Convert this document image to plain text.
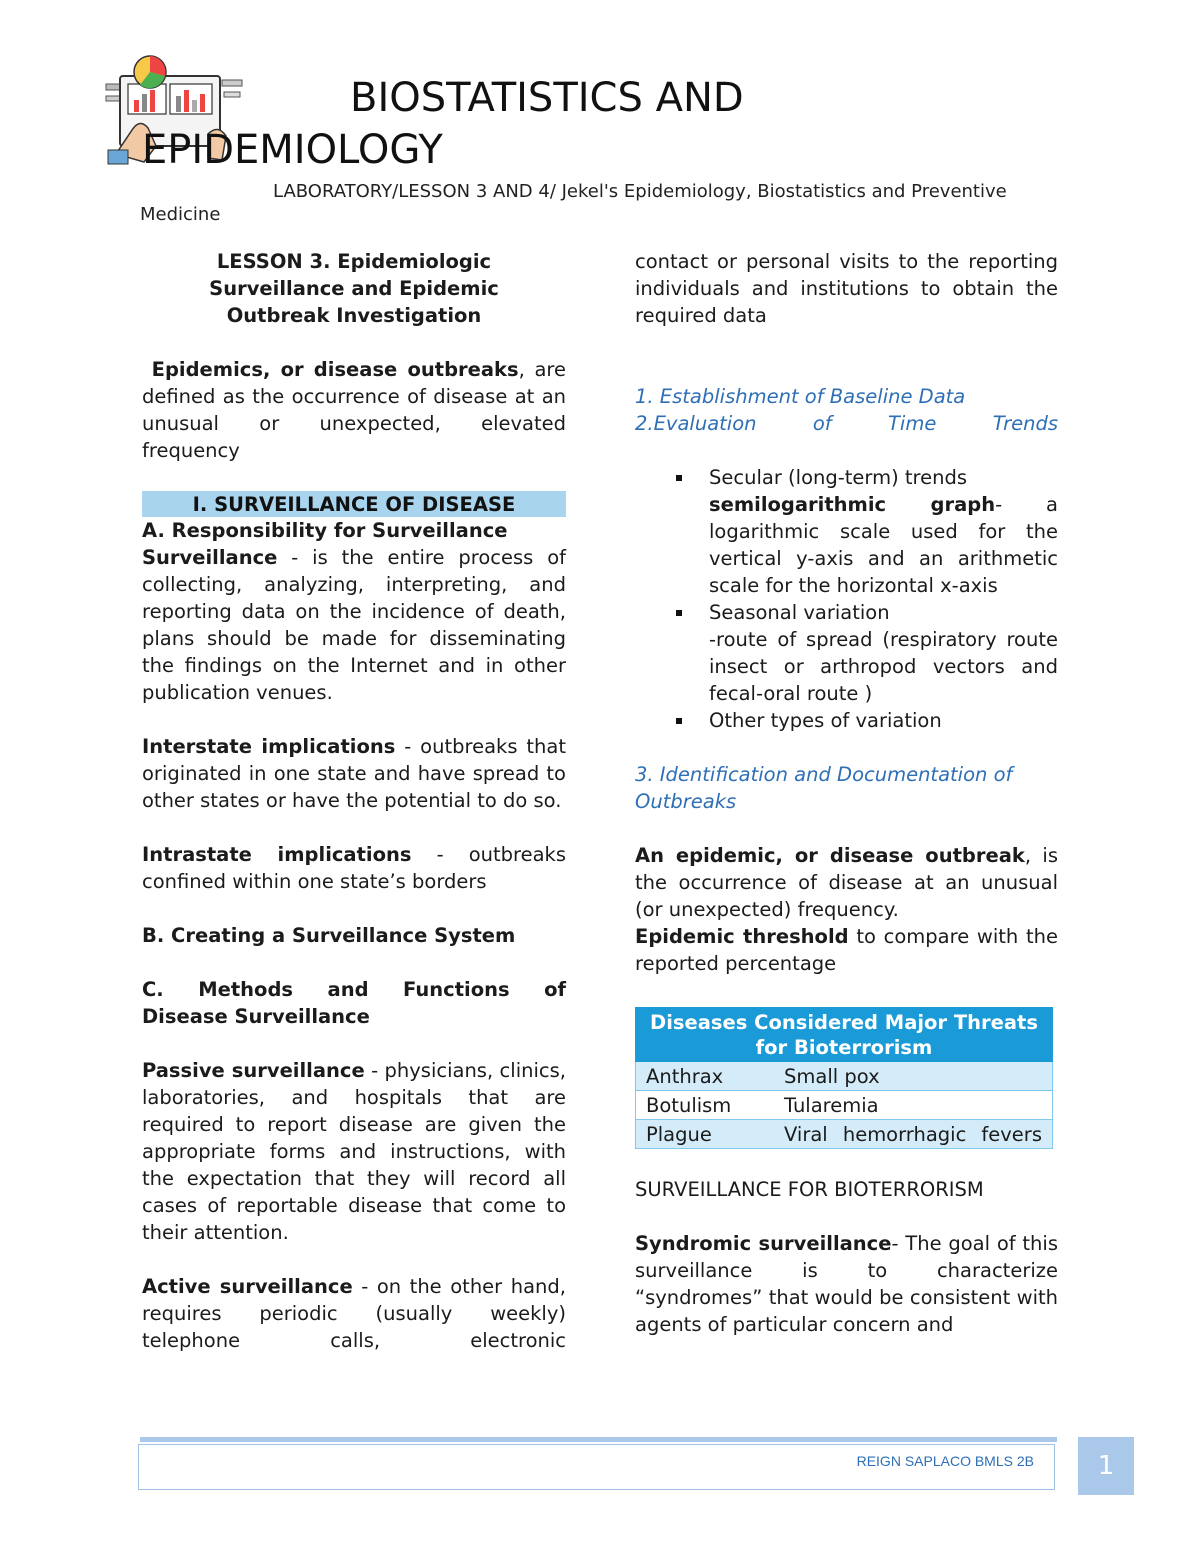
BIOSTATISTICS AND EPIDEMIOLOGY

LABORATORY/LESSON 3 AND 4/ Jekel's Epidemiology, Biostatistics and Preventive Medicine

LESSON 3. Epidemiologic

Surveillance and Epidemic

Outbreak Investigation

Epidemics, or disease outbreaks, are defined as the occurrence of disease at an unusual or unexpected, elevated frequency

I. SURVEILLANCE OF DISEASE

A. Responsibility for Surveillance

Surveillance - is the entire process of collecting, analyzing, interpreting, and reporting data on the incidence of death, plans should be made for disseminating the findings on the Internet and in other publication venues.

Interstate implications - outbreaks that originated in one state and have spread to other states or have the potential to do so.

Intrastate implications - outbreaks confined within one state’s borders

B. Creating a Surveillance System

C. Methods and Functions of

Disease Surveillance

Passive surveillance - physicians, clinics, laboratories, and hospitals that are required to report disease are given the appropriate forms and instructions, with the expectation that they will record all cases of reportable disease that come to their attention.

Active surveillance - on the other hand, requires periodic (usually weekly) telephone calls, electronic

contact or personal visits to the reporting individuals and institutions to obtain the required data

1. Establishment of Baseline Data

2.Evaluation of Time Trends

Secular (long-term) trends

semilogarithmic graph- a logarithmic scale used for the vertical y-axis and an arithmetic scale for the horizontal x-axis

Seasonal variation

-route of spread (respiratory route insect or arthropod vectors and fecal-oral route )

Other types of variation

3. Identification and Documentation of Outbreaks

An epidemic, or disease outbreak, is the occurrence of disease at an unusual (or unexpected) frequency.

Epidemic threshold to compare with the reported percentage

Diseases Considered Major Threats
for Bioterrorism	

Anthrax	Small pox
Botulism	Tularemia
Plague	Viral hemorrhagic fevers

SURVEILLANCE FOR BIOTERRORISM

Syndromic surveillance- The goal of this surveillance is to characterize “syndromes” that would be consistent with agents of particular concern and

REIGN SAPLACO BMLS 2B	1
